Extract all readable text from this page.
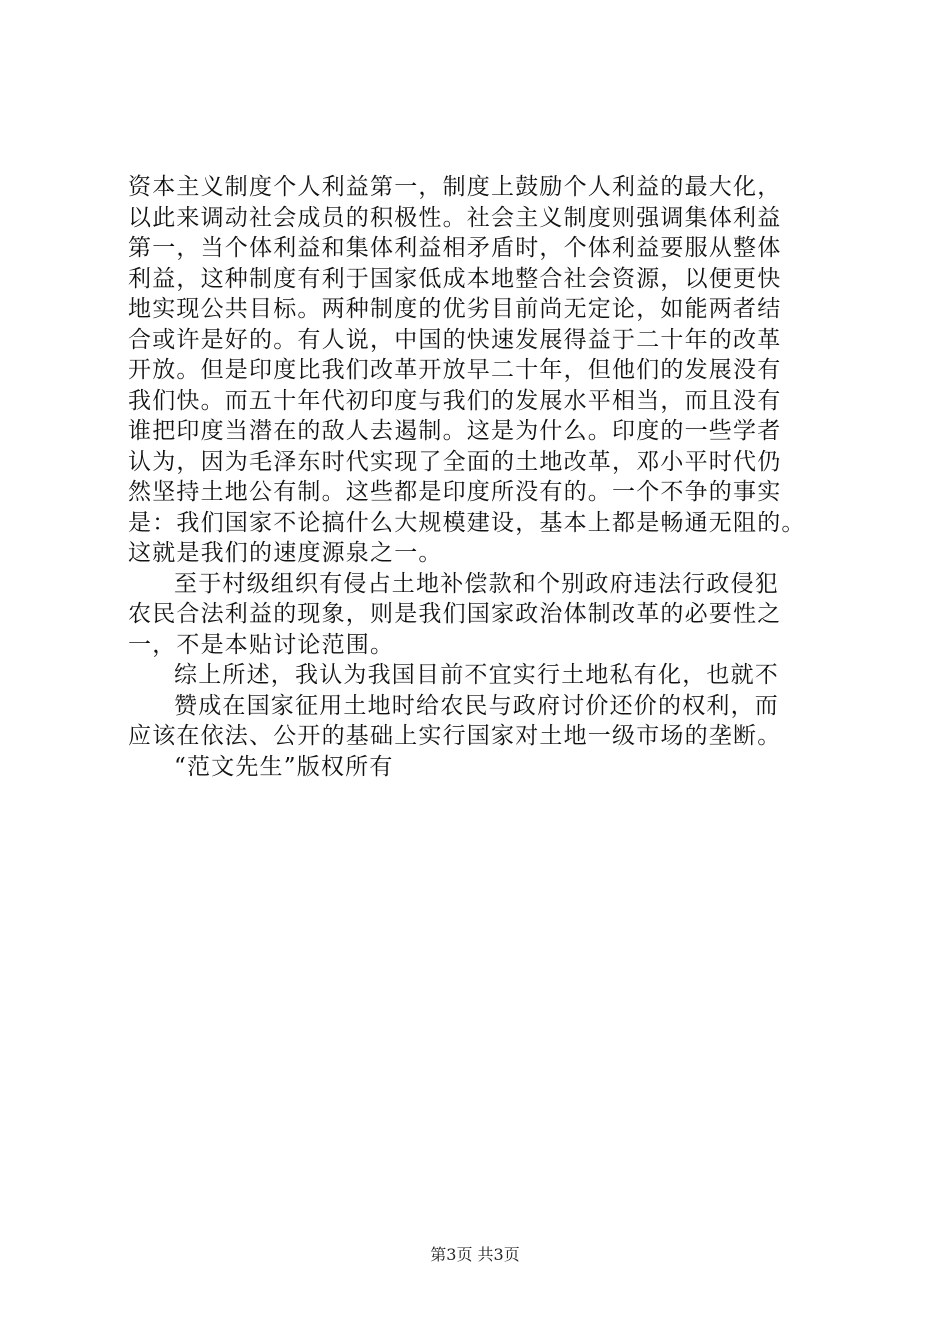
资本主义制度个人利益第一，制度上鼓励个人利益的最大化，
以此来调动社会成员的积极性。社会主义制度则强调集体利益
第一，当个体利益和集体利益相矛盾时，个体利益要服从整体
利益，这种制度有利于国家低成本地整合社会资源，以便更快
地实现公共目标。两种制度的优劣目前尚无定论，如能两者结
合或许是好的。有人说，中国的快速发展得益于二十年的改革
开放。但是印度比我们改革开放早二十年，但他们的发展没有
我们快。而五十年代初印度与我们的发展水平相当，而且没有
谁把印度当潜在的敌人去遏制。这是为什么。印度的一些学者
认为，因为毛泽东时代实现了全面的土地改革，邓小平时代仍
然坚持土地公有制。这些都是印度所没有的。一个不争的事实
是：我们国家不论搞什么大规模建设，基本上都是畅通无阻的。
这就是我们的速度源泉之一。
至于村级组织有侵占土地补偿款和个别政府违法行政侵犯
农民合法利益的现象，则是我们国家政治体制改革的必要性之
一，不是本贴讨论范围。
综上所述，我认为我国目前不宜实行土地私有化，也就不
赞成在国家征用土地时给农民与政府讨价还价的权利，而
应该在依法、公开的基础上实行国家对土地一级市场的垄断。
“范文先生”版权所有
第3页 共3页
